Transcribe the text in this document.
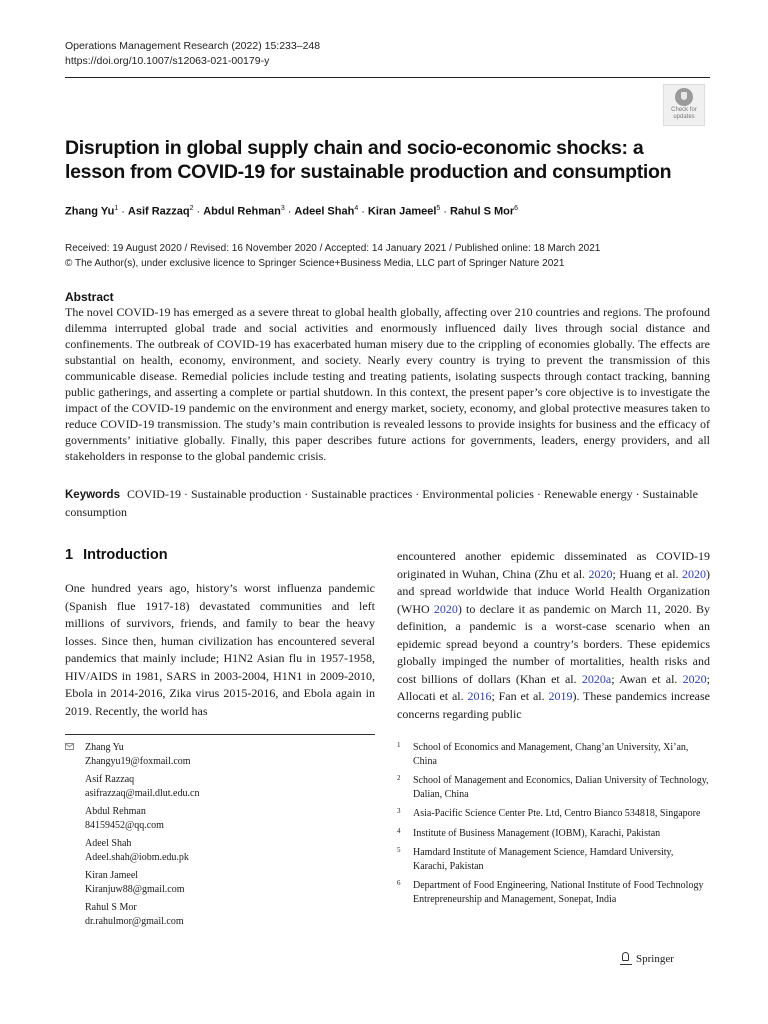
Operations Management Research (2022) 15:233–248
https://doi.org/10.1007/s12063-021-00179-y
Check for
updates
Disruption in global supply chain and socio-economic shocks: a lesson from COVID-19 for sustainable production and consumption
Zhang $Yu^1$ · Asif Razzaq$^2$ · Abdul Rehman$^3$ · Adeel Shah$^4$ · Kiran Jameel$^5$ · Rahul S Mor$^6$
Received: 19 August 2020 / Revised: 16 November 2020 / Accepted: 14 January 2021 / Published online: 18 March 2021
© The Author(s), under exclusive licence to Springer Science+Business Media, LLC part of Springer Nature 2021
Abstract
The novel COVID-19 has emerged as a severe threat to global health globally, affecting over 210 countries and regions. The profound dilemma interrupted global trade and social activities and enormously influenced daily lives through social distance and confinements. The outbreak of COVID-19 has exacerbated human misery due to the crippling of economies globally. The effects are substantial on health, economy, environment, and society. Nearly every country is trying to prevent the transmission of this communicable disease. Remedial policies include testing and treating patients, isolating suspects through contact tracking, banning public gatherings, and asserting a complete or partial shutdown. In this context, the present paper’s core objective is to investigate the impact of the COVID-19 pandemic on the environment and energy market, society, economy, and global protective measures taken to reduce COVID-19 transmission. The study’s main contribution is revealed lessons to provide insights for business and the efficacy of governments’ initiative globally. Finally, this paper describes future actions for governments, leaders, energy providers, and all stakeholders in response to the global pandemic crisis.
Keywords COVID-19 · Sustainable production · Sustainable practices · Environmental policies · Renewable energy · Sustainable consumption
1 Introduction
One hundred years ago, history’s worst influenza pandemic (Spanish flue 1917-18) devastated communities and left millions of survivors, friends, and family to bear the heavy losses. Since then, human civilization has encountered several pandemics that mainly include; H1N2 Asian flu in 1957-1958, HIV/AIDS in 1981, SARS in 2003-2004, H1N1 in 2009-2010, Ebola in 2014-2016, Zika virus 2015-2016, and Ebola again in 2019. Recently, the world has
encountered another epidemic disseminated as COVID-19 originated in Wuhan, China (Zhu et al. 2020; Huang et al. 2020) and spread worldwide that induce World Health Organization (WHO 2020) to declare it as pandemic on March 11, 2020. By definition, a pandemic is a worst-case scenario when an epidemic spread beyond a country’s borders. These epidemics globally impinged the number of mortalities, health risks and cost billions of dollars (Khan et al. 2020a; Awan et al. 2020; Allocati et al. 2016; Fan et al. 2019). These pandemics increase concerns regarding public
Zhang Yu
Zhangyu19@foxmail.com
Asif Razzaq
asifrazzaq@mail.dlut.edu.cn
Abdul Rehman
84159452@qq.com
Adeel Shah
Adeel.shah@iobm.edu.pk
Kiran Jameel
Kiranjuw88@gmail.com
Rahul S Mor
dr.rahulmor@gmail.com
1 School of Economics and Management, Chang’an University, Xi’an, China
2 School of Management and Economics, Dalian University of Technology, Dalian, China
3 Asia-Pacific Science Center Pte. Ltd, Centro Bianco 534818, Singapore
4 Institute of Business Management (IOBM), Karachi, Pakistan
5 Hamdard Institute of Management Science, Hamdard University, Karachi, Pakistan
6 Department of Food Engineering, National Institute of Food Technology Entrepreneurship and Management, Sonepat, India
Springer
